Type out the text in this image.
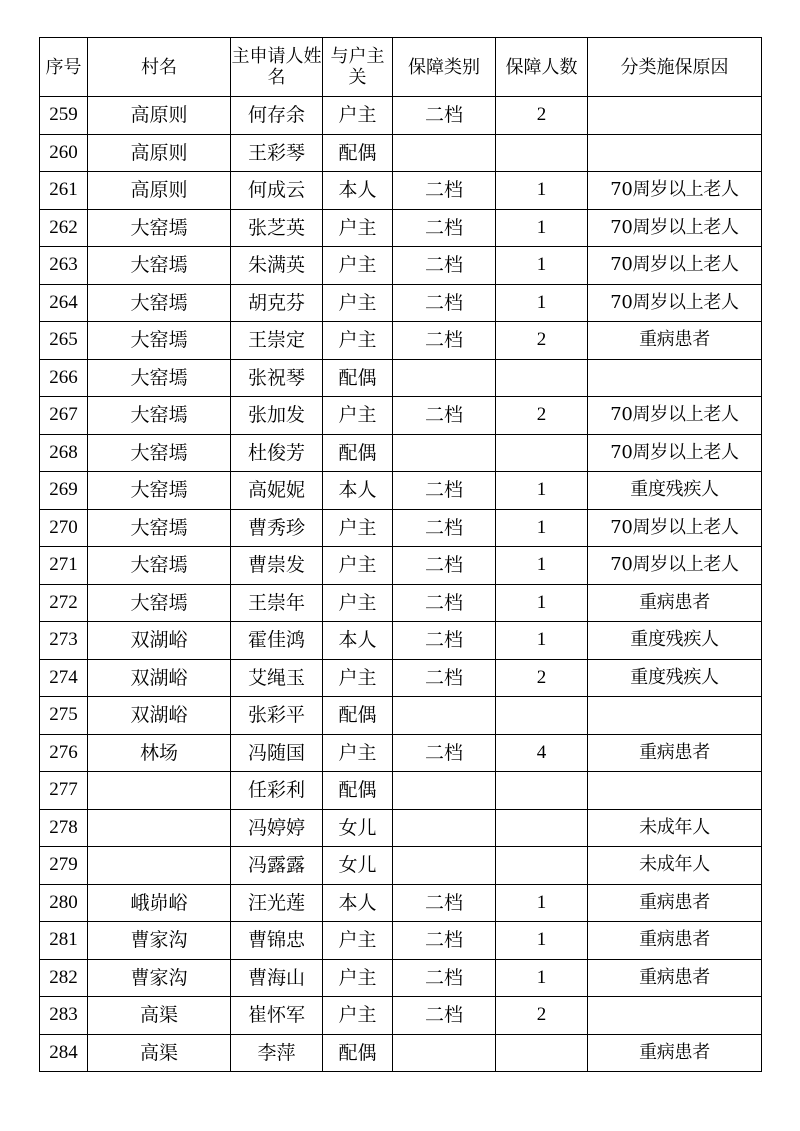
序号	村名	主申请人姓名	与户主关	保障类别	保障人数	分类施保原因
259	高原则	何存余	户主	二档	2	
260	高原则	王彩琴	配偶			
261	高原则	何成云	本人	二档	1	70周岁以上老人
262	大窑墕	张芝英	户主	二档	1	70周岁以上老人
263	大窑墕	朱满英	户主	二档	1	70周岁以上老人
264	大窑墕	胡克芬	户主	二档	1	70周岁以上老人
265	大窑墕	王崇定	户主	二档	2	重病患者
266	大窑墕	张祝琴	配偶			
267	大窑墕	张加发	户主	二档	2	70周岁以上老人
268	大窑墕	杜俊芳	配偶			70周岁以上老人
269	大窑墕	高妮妮	本人	二档	1	重度残疾人
270	大窑墕	曹秀珍	户主	二档	1	70周岁以上老人
271	大窑墕	曹崇发	户主	二档	1	70周岁以上老人
272	大窑墕	王崇年	户主	二档	1	重病患者
273	双湖峪	霍佳鸿	本人	二档	1	重度残疾人
274	双湖峪	艾绳玉	户主	二档	2	重度残疾人
275	双湖峪	张彩平	配偶			
276	林场	冯随国	户主	二档	4	重病患者
277		任彩利	配偶			
278		冯婷婷	女儿			未成年人
279		冯露露	女儿			未成年人
280	峨峁峪	汪光莲	本人	二档	1	重病患者
281	曹家沟	曹锦忠	户主	二档	1	重病患者
282	曹家沟	曹海山	户主	二档	1	重病患者
283	高渠	崔怀军	户主	二档	2	
284	高渠	李萍	配偶			重病患者
